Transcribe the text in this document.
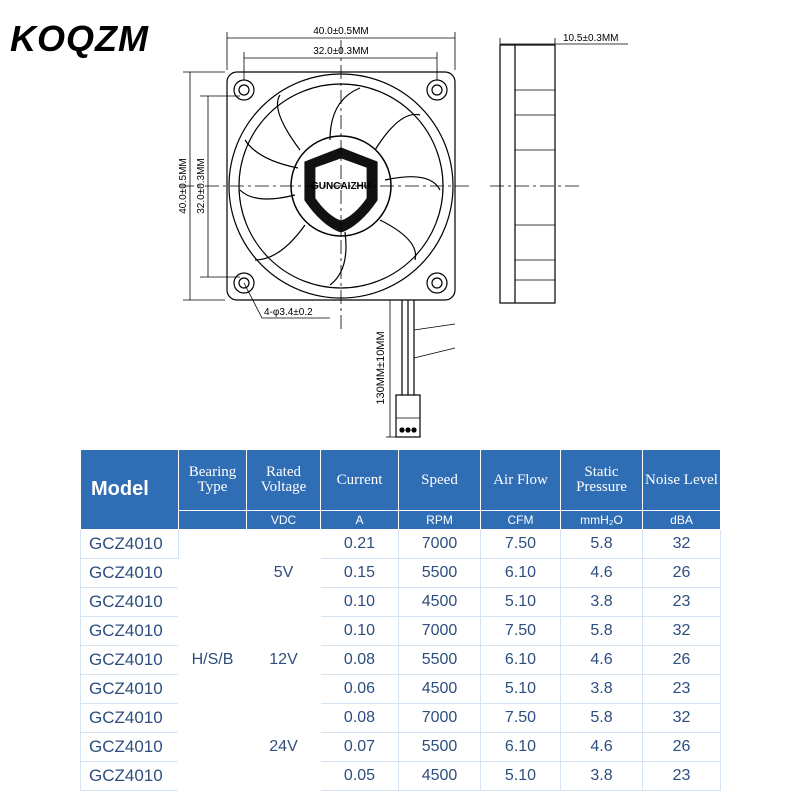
KOQZM	40.0±0.5MM
32.0±0.3MM
40.0±0.5MM 32.0±0.3MM
10.5±0.3MM
4-φ3.4±0.2
130MM±10MM
GUNCAIZHU
Model	Bearing Type	Rated Voltage	Current	Speed	Air Flow	Static Pressure	Noise Level
		VDC	A	RPM	CFM	mmH₂O	dBA
GCZ4010	H/S/B	5V	0.21	7000	7.50	5.8	32
GCZ4010			0.15	5500	6.10	4.6	26
GCZ4010			0.10	4500	5.10	3.8	23
GCZ4010		12V	0.10	7000	7.50	5.8	32
GCZ4010			0.08	5500	6.10	4.6	26
GCZ4010			0.06	4500	5.10	3.8	23
GCZ4010		24V	0.08	7000	7.50	5.8	32
GCZ4010			0.07	5500	6.10	4.6	26
GCZ4010			0.05	4500	5.10	3.8	23
